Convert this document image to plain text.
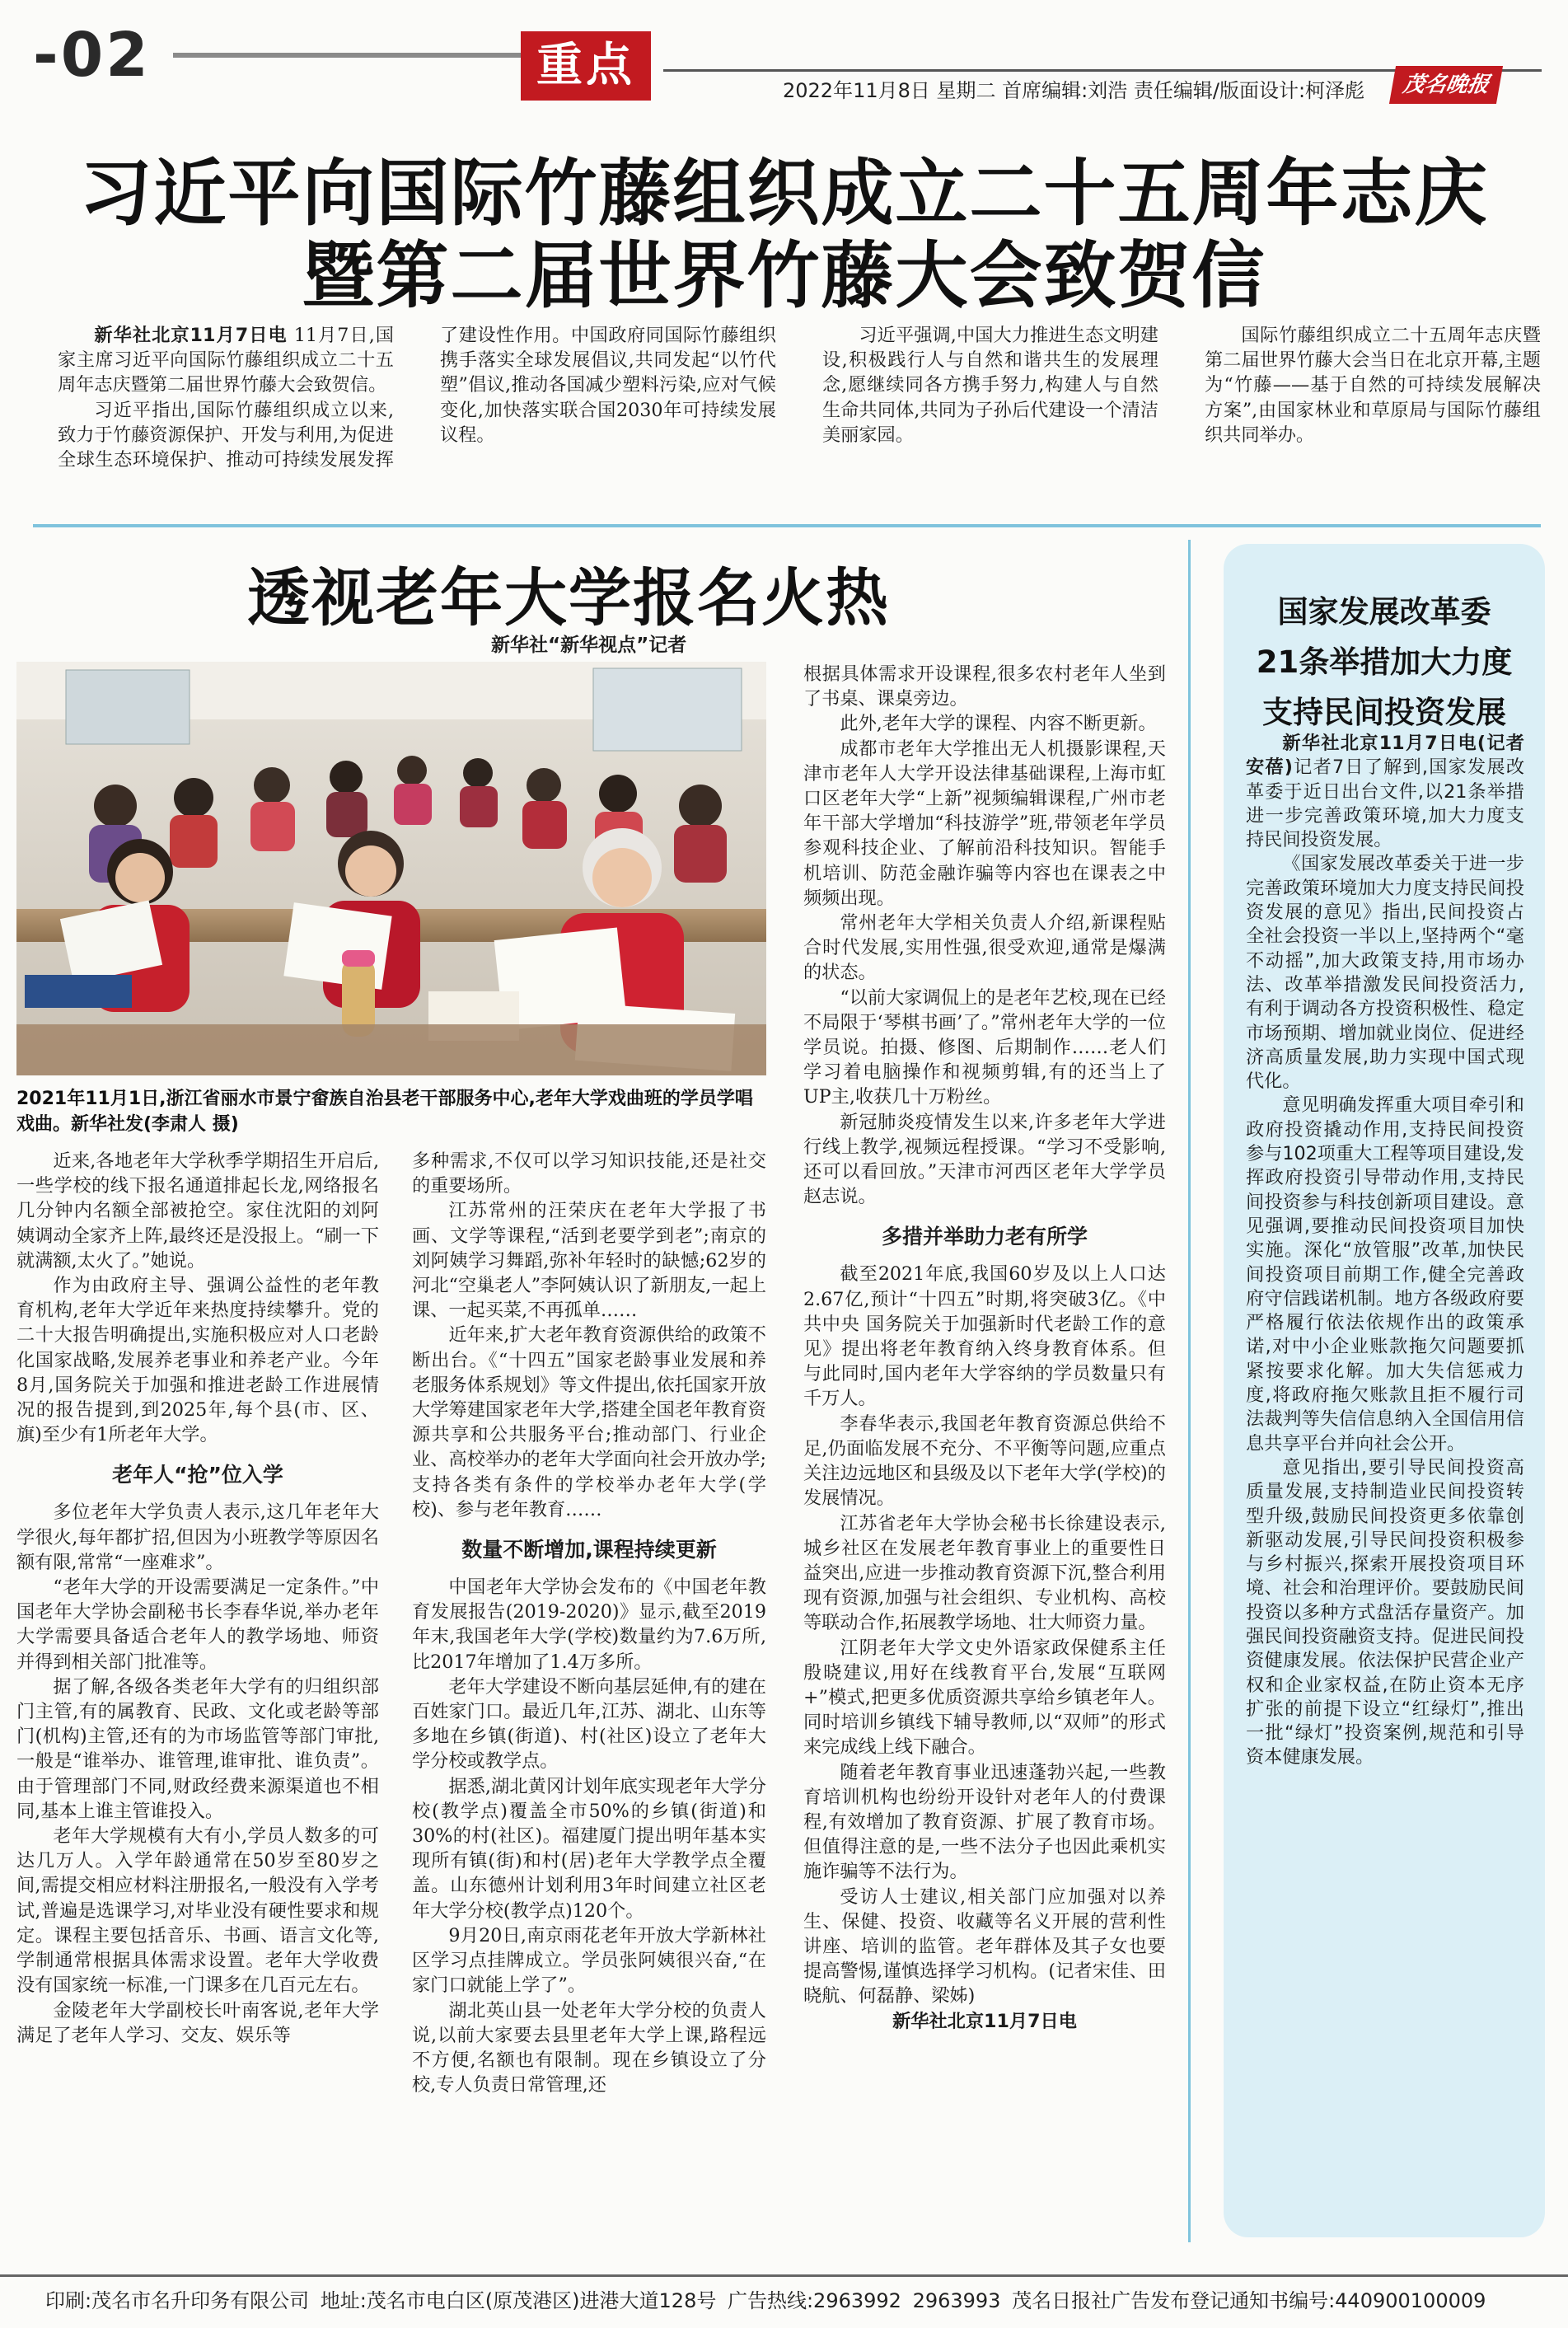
-02	重点	2022年11月8日 星期二 首席编辑:刘浩 责任编辑/版面设计:柯泽彪	茂名晚报
习近平向国际竹藤组织成立二十五周年志庆
暨第二届世界竹藤大会致贺信

新华社北京11月7日电 11月7日,国家主席习近平向国际竹藤组织成立二十五周年志庆暨第二届世界竹藤大会致贺信。

习近平指出,国际竹藤组织成立以来,致力于竹藤资源保护、开发与利用,为促进全球生态环境保护、推动可持续发展发挥了建设性作用。中国政府同国际竹藤组织携手落实全球发展倡议,共同发起“以竹代塑”倡议,推动各国减少塑料污染,应对气候变化,加快落实联合国2030年可持续发展议程。

习近平强调,中国大力推进生态文明建设,积极践行人与自然和谐共生的发展理念,愿继续同各方携手努力,构建人与自然生命共同体,共同为子孙后代建设一个清洁美丽家园。

国际竹藤组织成立二十五周年志庆暨第二届世界竹藤大会当日在北京开幕,主题为“竹藤——基于自然的可持续发展解决方案”,由国家林业和草原局与国际竹藤组织共同举办。

透视老年大学报名火热
新华社“新华视点”记者
2021年11月1日,浙江省丽水市景宁畲族自治县老干部服务中心,老年大学戏曲班的学员学唱戏曲。新华社发(李肃人 摄)

近来,各地老年大学秋季学期招生开启后,一些学校的线下报名通道排起长龙,网络报名几分钟内名额全部被抢空。家住沈阳的刘阿姨调动全家齐上阵,最终还是没报上。“刷一下就满额,太火了。”她说。

作为由政府主导、强调公益性的老年教育机构,老年大学近年来热度持续攀升。党的二十大报告明确提出,实施积极应对人口老龄化国家战略,发展养老事业和养老产业。今年8月,国务院关于加强和推进老龄工作进展情况的报告提到,到2025年,每个县(市、区、旗)至少有1所老年大学。

老年人“抢”位入学

多位老年大学负责人表示,这几年老年大学很火,每年都扩招,但因为小班教学等原因名额有限,常常“一座难求”。

“老年大学的开设需要满足一定条件。”中国老年大学协会副秘书长李春华说,举办老年大学需要具备适合老年人的教学场地、师资并得到相关部门批准等。

据了解,各级各类老年大学有的归组织部门主管,有的属教育、民政、文化或老龄等部门(机构)主管,还有的为市场监管等部门审批,一般是“谁举办、谁管理,谁审批、谁负责”。由于管理部门不同,财政经费来源渠道也不相同,基本上谁主管谁投入。

老年大学规模有大有小,学员人数多的可达几万人。入学年龄通常在50岁至80岁之间,需提交相应材料注册报名,一般没有入学考试,普遍是选课学习,对毕业没有硬性要求和规定。课程主要包括音乐、书画、语言文化等,学制通常根据具体需求设置。老年大学收费没有国家统一标准,一门课多在几百元左右。

金陵老年大学副校长叶南客说,老年大学满足了老年人学习、交友、娱乐等

多种需求,不仅可以学习知识技能,还是社交的重要场所。

江苏常州的汪荣庆在老年大学报了书画、文学等课程,“活到老要学到老”;南京的刘阿姨学习舞蹈,弥补年轻时的缺憾;62岁的河北“空巢老人”李阿姨认识了新朋友,一起上课、一起买菜,不再孤单……

近年来,扩大老年教育资源供给的政策不断出台。《“十四五”国家老龄事业发展和养老服务体系规划》等文件提出,依托国家开放大学筹建国家老年大学,搭建全国老年教育资源共享和公共服务平台;推动部门、行业企业、高校举办的老年大学面向社会开放办学;支持各类有条件的学校举办老年大学(学校)、参与老年教育……

数量不断增加,课程持续更新

中国老年大学协会发布的《中国老年教育发展报告(2019-2020)》显示,截至2019年末,我国老年大学(学校)数量约为7.6万所,比2017年增加了1.4万多所。

老年大学建设不断向基层延伸,有的建在百姓家门口。最近几年,江苏、湖北、山东等多地在乡镇(街道)、村(社区)设立了老年大学分校或教学点。

据悉,湖北黄冈计划年底实现老年大学分校(教学点)覆盖全市50%的乡镇(街道)和30%的村(社区)。福建厦门提出明年基本实现所有镇(街)和村(居)老年大学教学点全覆盖。山东德州计划利用3年时间建立社区老年大学分校(教学点)120个。

9月20日,南京雨花老年开放大学新林社区学习点挂牌成立。学员张阿姨很兴奋,“在家门口就能上学了”。

湖北英山县一处老年大学分校的负责人说,以前大家要去县里老年大学上课,路程远不方便,名额也有限制。现在乡镇设立了分校,专人负责日常管理,还

根据具体需求开设课程,很多农村老年人坐到了书桌、课桌旁边。

此外,老年大学的课程、内容不断更新。

成都市老年大学推出无人机摄影课程,天津市老年人大学开设法律基础课程,上海市虹口区老年大学“上新”视频编辑课程,广州市老年干部大学增加“科技游学”班,带领老年学员参观科技企业、了解前沿科技知识。智能手机培训、防范金融诈骗等内容也在课表之中频频出现。

常州老年大学相关负责人介绍,新课程贴合时代发展,实用性强,很受欢迎,通常是爆满的状态。

“以前大家调侃上的是老年艺校,现在已经不局限于‘琴棋书画’了。”常州老年大学的一位学员说。拍摄、修图、后期制作……老人们学习着电脑操作和视频剪辑,有的还当上了UP主,收获几十万粉丝。

新冠肺炎疫情发生以来,许多老年大学进行线上教学,视频远程授课。“学习不受影响,还可以看回放。”天津市河西区老年大学学员赵志说。

多措并举助力老有所学

截至2021年底,我国60岁及以上人口达2.67亿,预计“十四五”时期,将突破3亿。《中共中央 国务院关于加强新时代老龄工作的意见》提出将老年教育纳入终身教育体系。但与此同时,国内老年大学容纳的学员数量只有千万人。

李春华表示,我国老年教育资源总供给不足,仍面临发展不充分、不平衡等问题,应重点关注边远地区和县级及以下老年大学(学校)的发展情况。

江苏省老年大学协会秘书长徐建设表示,城乡社区在发展老年教育事业上的重要性日益突出,应进一步推动教育资源下沉,整合利用现有资源,加强与社会组织、专业机构、高校等联动合作,拓展教学场地、壮大师资力量。

江阴老年大学文史外语家政保健系主任殷晓建议,用好在线教育平台,发展“互联网+”模式,把更多优质资源共享给乡镇老年人。同时培训乡镇线下辅导教师,以“双师”的形式来完成线上线下融合。

随着老年教育事业迅速蓬勃兴起,一些教育培训机构也纷纷开设针对老年人的付费课程,有效增加了教育资源、扩展了教育市场。但值得注意的是,一些不法分子也因此乘机实施诈骗等不法行为。

受访人士建议,相关部门应加强对以养生、保健、投资、收藏等名义开展的营利性讲座、培训的监管。老年群体及其子女也要提高警惕,谨慎选择学习机构。(记者宋佳、田晓航、何磊静、梁姊)

新华社北京11月7日电

国家发展改革委
21条举措加大力度
支持民间投资发展

新华社北京11月7日电(记者安蓓)记者7日了解到,国家发展改革委于近日出台文件,以21条举措进一步完善政策环境,加大力度支持民间投资发展。

《国家发展改革委关于进一步完善政策环境加大力度支持民间投资发展的意见》指出,民间投资占全社会投资一半以上,坚持两个“毫不动摇”,加大政策支持,用市场办法、改革举措激发民间投资活力,有利于调动各方投资积极性、稳定市场预期、增加就业岗位、促进经济高质量发展,助力实现中国式现代化。

意见明确发挥重大项目牵引和政府投资撬动作用,支持民间投资参与102项重大工程等项目建设,发挥政府投资引导带动作用,支持民间投资参与科技创新项目建设。意见强调,要推动民间投资项目加快实施。深化“放管服”改革,加快民间投资项目前期工作,健全完善政府守信践诺机制。地方各级政府要严格履行依法依规作出的政策承诺,对中小企业账款拖欠问题要抓紧按要求化解。加大失信惩戒力度,将政府拖欠账款且拒不履行司法裁判等失信信息纳入全国信用信息共享平台并向社会公开。

意见指出,要引导民间投资高质量发展,支持制造业民间投资转型升级,鼓励民间投资更多依靠创新驱动发展,引导民间投资积极参与乡村振兴,探索开展投资项目环境、社会和治理评价。要鼓励民间投资以多种方式盘活存量资产。加强民间投资融资支持。促进民间投资健康发展。依法保护民营企业产权和企业家权益,在防止资本无序扩张的前提下设立“红绿灯”,推出一批“绿灯”投资案例,规范和引导资本健康发展。

印刷:茂名市名升印务有限公司 地址:茂名市电白区(原茂港区)进港大道128号 广告热线:2963992 2963993 茂名日报社广告发布登记通知书编号:440900100009
